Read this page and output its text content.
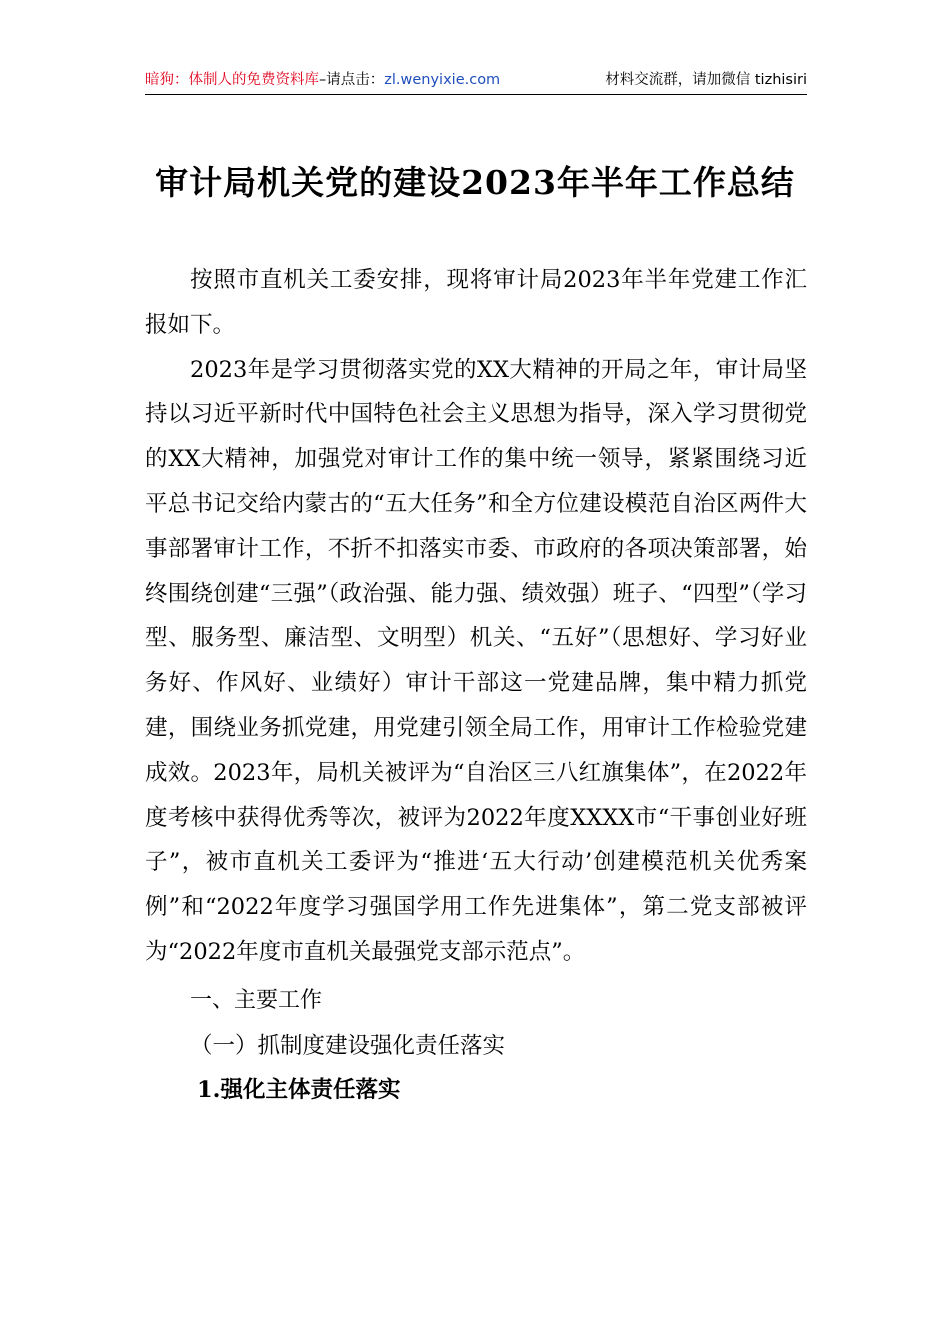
暗狗：体制人的免费资料库 –请点击： zl.wenyixie.com	材料交流群，请加微信 tizhisiri
审计局机关党的建设2023年半年工作总结

按照市直机关工委安排，现将审计局2023年半年党建工作汇报如下。

2023年是学习贯彻落实党的XX大精神的开局之年，审计局坚持以习近平新时代中国特色社会主义思想为指导，深入学习贯彻党的XX大精神，加强党对审计工作的集中统一领导，紧紧围绕习近平总书记交给内蒙古的“五大任务”和全方位建设模范自治区两件大事部署审计工作，不折不扣落实市委、市政府的各项决策部署，始终围绕创建“三强”（政治强、能力强、绩效强）班子、“四型”（学习型、服务型、廉洁型、文明型）机关、“五好”（思想好、学习好业务好、作风好、业绩好）审计干部这一党建品牌，集中精力抓党建，围绕业务抓党建，用党建引领全局工作，用审计工作检验党建成效。2023年，局机关被评为“自治区三八红旗集体”，在2022年度考核中获得优秀等次，被评为2022年度XXXX市“干事创业好班子”，被市直机关工委评为“推进‘五大行动’创建模范机关优秀案例”和“2022年度学习强国学用工作先进集体”，第二党支部被评为“2022年度市直机关最强党支部示范点”。

一、主要工作
（一）抓制度建设强化责任落实
1.强化主体责任落实
